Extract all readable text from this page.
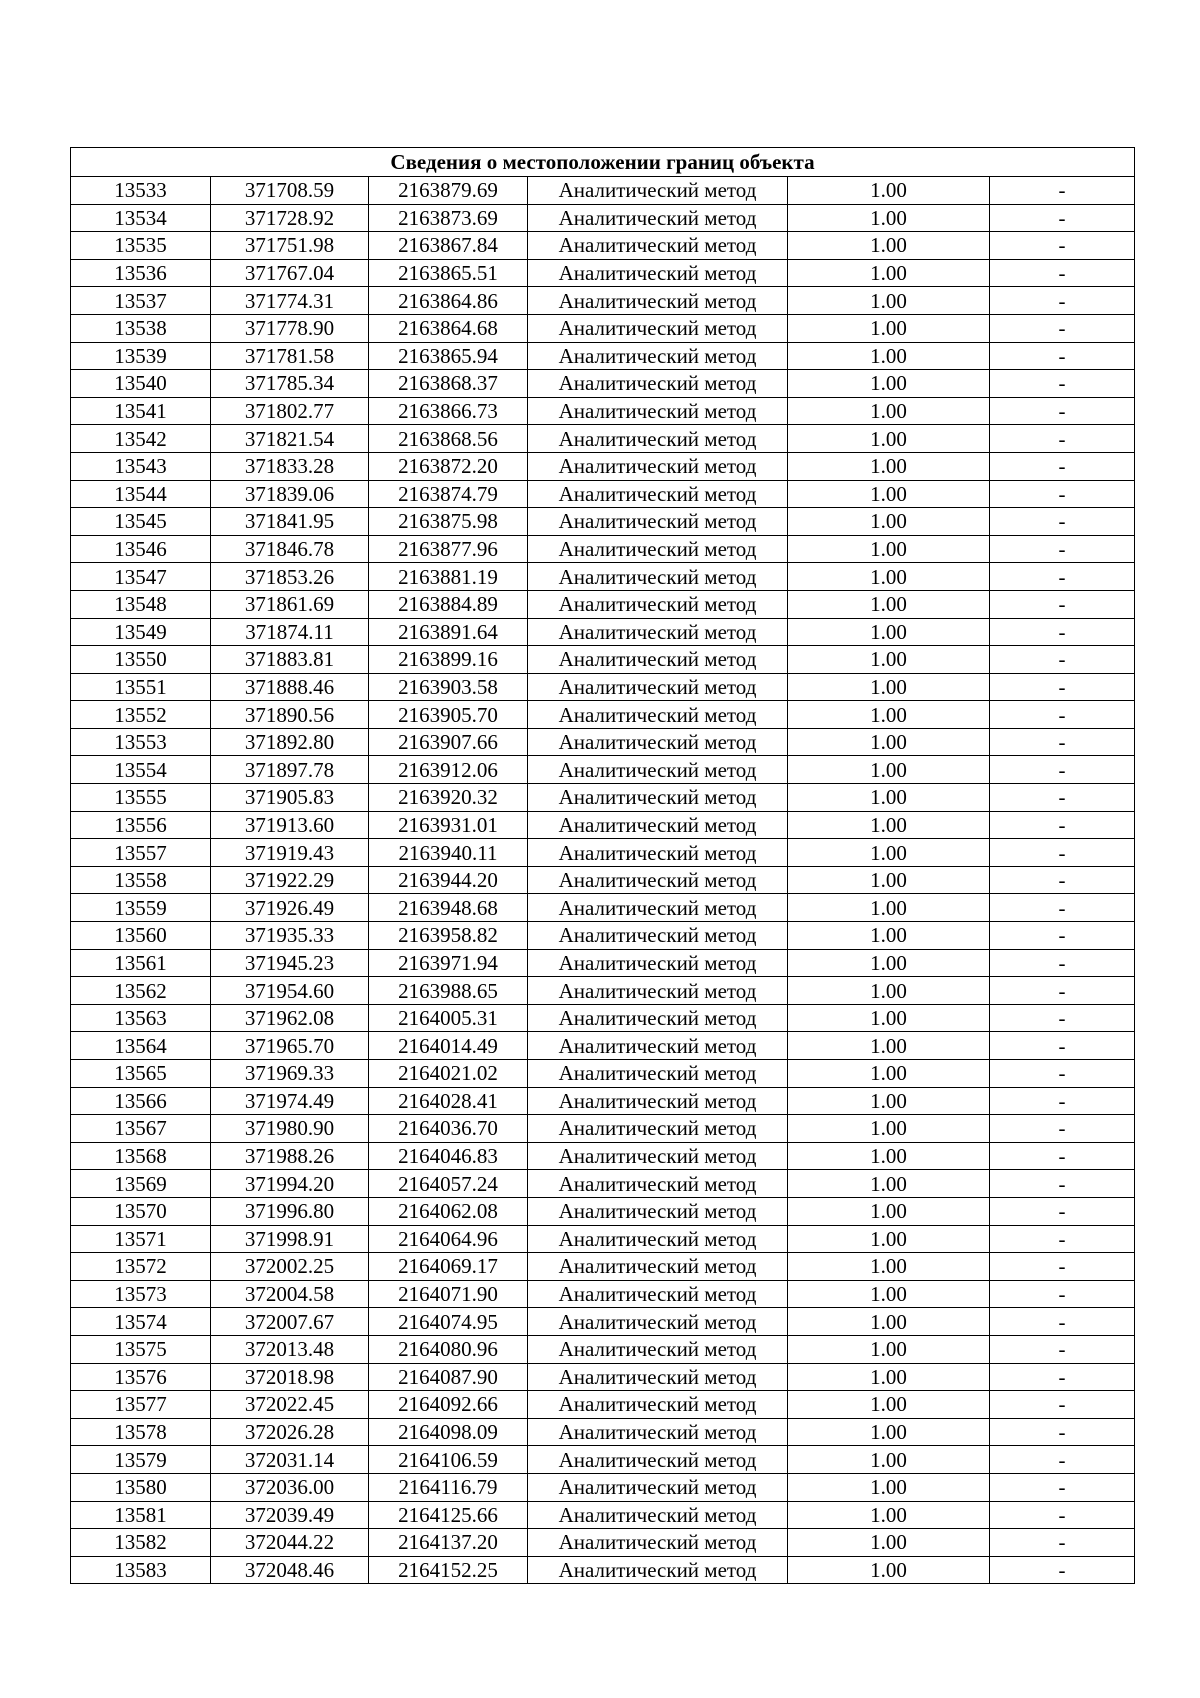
Сведения о местоположении границ объекта					
13533	371708.59	2163879.69	Аналитический метод	1.00	-
13534	371728.92	2163873.69	Аналитический метод	1.00	-
13535	371751.98	2163867.84	Аналитический метод	1.00	-
13536	371767.04	2163865.51	Аналитический метод	1.00	-
13537	371774.31	2163864.86	Аналитический метод	1.00	-
13538	371778.90	2163864.68	Аналитический метод	1.00	-
13539	371781.58	2163865.94	Аналитический метод	1.00	-
13540	371785.34	2163868.37	Аналитический метод	1.00	-
13541	371802.77	2163866.73	Аналитический метод	1.00	-
13542	371821.54	2163868.56	Аналитический метод	1.00	-
13543	371833.28	2163872.20	Аналитический метод	1.00	-
13544	371839.06	2163874.79	Аналитический метод	1.00	-
13545	371841.95	2163875.98	Аналитический метод	1.00	-
13546	371846.78	2163877.96	Аналитический метод	1.00	-
13547	371853.26	2163881.19	Аналитический метод	1.00	-
13548	371861.69	2163884.89	Аналитический метод	1.00	-
13549	371874.11	2163891.64	Аналитический метод	1.00	-
13550	371883.81	2163899.16	Аналитический метод	1.00	-
13551	371888.46	2163903.58	Аналитический метод	1.00	-
13552	371890.56	2163905.70	Аналитический метод	1.00	-
13553	371892.80	2163907.66	Аналитический метод	1.00	-
13554	371897.78	2163912.06	Аналитический метод	1.00	-
13555	371905.83	2163920.32	Аналитический метод	1.00	-
13556	371913.60	2163931.01	Аналитический метод	1.00	-
13557	371919.43	2163940.11	Аналитический метод	1.00	-
13558	371922.29	2163944.20	Аналитический метод	1.00	-
13559	371926.49	2163948.68	Аналитический метод	1.00	-
13560	371935.33	2163958.82	Аналитический метод	1.00	-
13561	371945.23	2163971.94	Аналитический метод	1.00	-
13562	371954.60	2163988.65	Аналитический метод	1.00	-
13563	371962.08	2164005.31	Аналитический метод	1.00	-
13564	371965.70	2164014.49	Аналитический метод	1.00	-
13565	371969.33	2164021.02	Аналитический метод	1.00	-
13566	371974.49	2164028.41	Аналитический метод	1.00	-
13567	371980.90	2164036.70	Аналитический метод	1.00	-
13568	371988.26	2164046.83	Аналитический метод	1.00	-
13569	371994.20	2164057.24	Аналитический метод	1.00	-
13570	371996.80	2164062.08	Аналитический метод	1.00	-
13571	371998.91	2164064.96	Аналитический метод	1.00	-
13572	372002.25	2164069.17	Аналитический метод	1.00	-
13573	372004.58	2164071.90	Аналитический метод	1.00	-
13574	372007.67	2164074.95	Аналитический метод	1.00	-
13575	372013.48	2164080.96	Аналитический метод	1.00	-
13576	372018.98	2164087.90	Аналитический метод	1.00	-
13577	372022.45	2164092.66	Аналитический метод	1.00	-
13578	372026.28	2164098.09	Аналитический метод	1.00	-
13579	372031.14	2164106.59	Аналитический метод	1.00	-
13580	372036.00	2164116.79	Аналитический метод	1.00	-
13581	372039.49	2164125.66	Аналитический метод	1.00	-
13582	372044.22	2164137.20	Аналитический метод	1.00	-
13583	372048.46	2164152.25	Аналитический метод	1.00	-
